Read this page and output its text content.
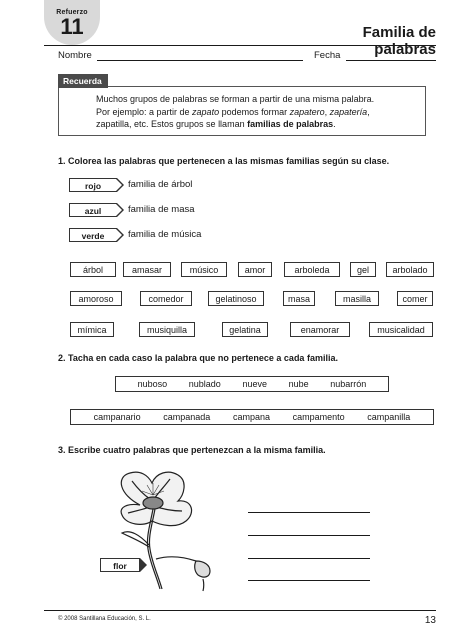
Refuerzo
11	Familia de palabras
Nombre	Fecha
Recuerda
Muchos grupos de palabras se forman a partir de una misma palabra.
Por ejemplo: a partir de zapato podemos formar zapatero, zapatería,
zapatilla, etc. Estos grupos se llaman familias de palabras.
1. Colorea las palabras que pertenecen a las mismas familias según su clase.
rojo	familia de árbol
azul	familia de masa
verde	familia de música
árbol	amasar	músico	amor	arboleda	gel	arbolado
amoroso	comedor	gelatinoso	masa	masilla	comer
mímica	musiquilla	gelatina	enamorar	musicalidad
2. Tacha en cada caso la palabra que no pertenece a cada familia.
nuboso nublado nueve nube nubarrón
campanario	campanada	campana	campamento	campanilla
3. Escribe cuatro palabras que pertenezcan a la misma familia.
flor
© 2008 Santillana Educación, S. L.	13
